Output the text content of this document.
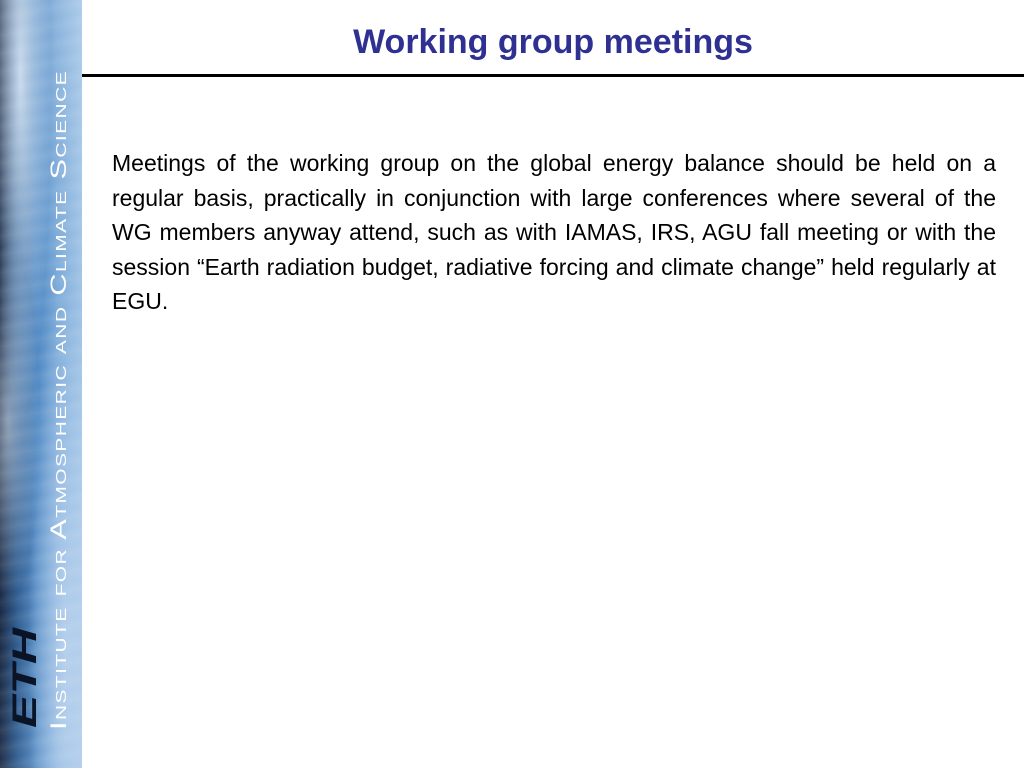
Institute for Atmospheric and Climate Science
ETH
Working group meetings

Meetings of the working group on the global energy balance should be held on a regular basis, practically in conjunction with large conferences where several of the WG members anyway attend, such as with IAMAS, IRS, AGU fall meeting or with the session “Earth radiation budget, radiative forcing and climate change” held regularly at EGU.
